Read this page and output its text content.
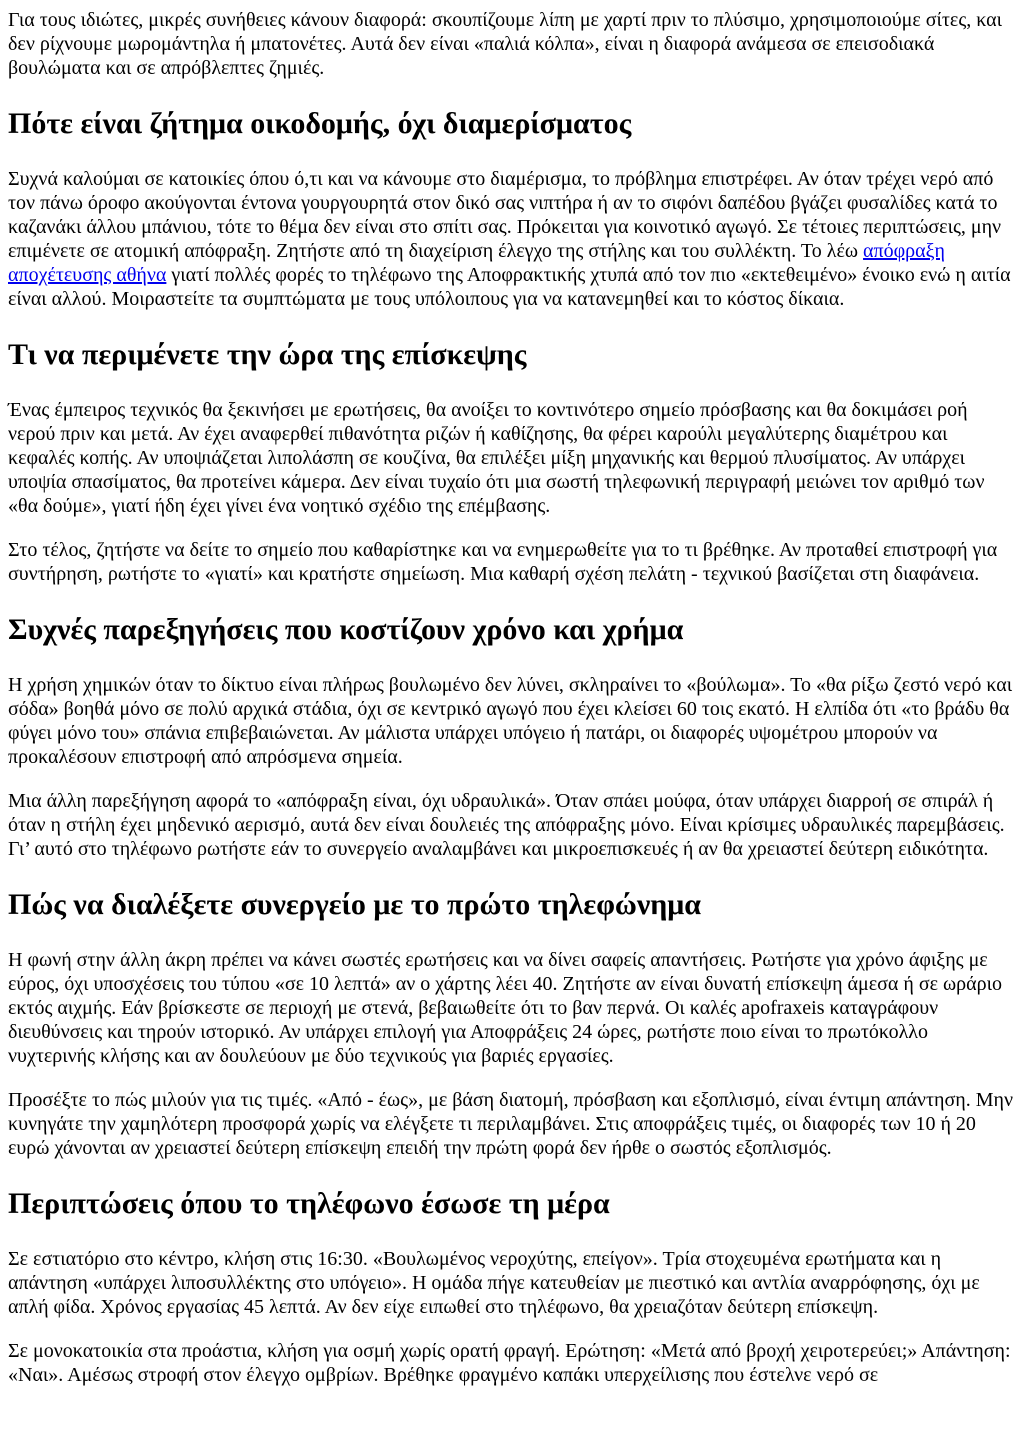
Για τους ιδιώτες, μικρές συνήθειες κάνουν διαφορά: σκουπίζουμε λίπη με χαρτί πριν το πλύσιμο, χρησιμοποιούμε σίτες, και δεν ρίχνουμε μωρομάντηλα ή μπατονέτες. Αυτά δεν είναι «παλιά κόλπα», είναι η διαφορά ανάμεσα σε επεισοδιακά βουλώματα και σε απρόβλεπτες ζημιές.

Πότε είναι ζήτημα οικοδομής, όχι διαμερίσματος

Συχνά καλούμαι σε κατοικίες όπου ό,τι και να κάνουμε στο διαμέρισμα, το πρόβλημα επιστρέφει. Αν όταν τρέχει νερό από τον πάνω όροφο ακούγονται έντονα γουργουρητά στον δικό σας νιπτήρα ή αν το σιφόνι δαπέδου βγάζει φυσαλίδες κατά το καζανάκι άλλου μπάνιου, τότε το θέμα δεν είναι στο σπίτι σας. Πρόκειται για κοινοτικό αγωγό. Σε τέτοιες περιπτώσεις, μην επιμένετε σε ατομική απόφραξη. Ζητήστε από τη διαχείριση έλεγχο της στήλης και του συλλέκτη. Το λέω απόφραξη αποχέτευσης αθήνα γιατί πολλές φορές το τηλέφωνο της Αποφρακτικής χτυπά από τον πιο «εκτεθειμένο» ένοικο ενώ η αιτία είναι αλλού. Μοιραστείτε τα συμπτώματα με τους υπόλοιπους για να κατανεμηθεί και το κόστος δίκαια.

Τι να περιμένετε την ώρα της επίσκεψης

Ένας έμπειρος τεχνικός θα ξεκινήσει με ερωτήσεις, θα ανοίξει το κοντινότερο σημείο πρόσβασης και θα δοκιμάσει ροή νερού πριν και μετά. Αν έχει αναφερθεί πιθανότητα ριζών ή καθίζησης, θα φέρει καρούλι μεγαλύτερης διαμέτρου και κεφαλές κοπής. Αν υποψιάζεται λιπολάσπη σε κουζίνα, θα επιλέξει μίξη μηχανικής και θερμού πλυσίματος. Αν υπάρχει υποψία σπασίματος, θα προτείνει κάμερα. Δεν είναι τυχαίο ότι μια σωστή τηλεφωνική περιγραφή μειώνει τον αριθμό των «θα δούμε», γιατί ήδη έχει γίνει ένα νοητικό σχέδιο της επέμβασης.

Στο τέλος, ζητήστε να δείτε το σημείο που καθαρίστηκε και να ενημερωθείτε για το τι βρέθηκε. Αν προταθεί επιστροφή για συντήρηση, ρωτήστε το «γιατί» και κρατήστε σημείωση. Μια καθαρή σχέση πελάτη - τεχνικού βασίζεται στη διαφάνεια.

Συχνές παρεξηγήσεις που κοστίζουν χρόνο και χρήμα

Η χρήση χημικών όταν το δίκτυο είναι πλήρως βουλωμένο δεν λύνει, σκληραίνει το «βούλωμα». Το «θα ρίξω ζεστό νερό και σόδα» βοηθά μόνο σε πολύ αρχικά στάδια, όχι σε κεντρικό αγωγό που έχει κλείσει 60 τοις εκατό. Η ελπίδα ότι «το βράδυ θα φύγει μόνο του» σπάνια επιβεβαιώνεται. Αν μάλιστα υπάρχει υπόγειο ή πατάρι, οι διαφορές υψομέτρου μπορούν να προκαλέσουν επιστροφή από απρόσμενα σημεία.

Μια άλλη παρεξήγηση αφορά το «απόφραξη είναι, όχι υδραυλικά». Όταν σπάει μούφα, όταν υπάρχει διαρροή σε σπιράλ ή όταν η στήλη έχει μηδενικό αερισμό, αυτά δεν είναι δουλειές της απόφραξης μόνο. Είναι κρίσιμες υδραυλικές παρεμβάσεις. Γι’ αυτό στο τηλέφωνο ρωτήστε εάν το συνεργείο αναλαμβάνει και μικροεπισκευές ή αν θα χρειαστεί δεύτερη ειδικότητα.

Πώς να διαλέξετε συνεργείο με το πρώτο τηλεφώνημα

Η φωνή στην άλλη άκρη πρέπει να κάνει σωστές ερωτήσεις και να δίνει σαφείς απαντήσεις. Ρωτήστε για χρόνο άφιξης με εύρος, όχι υποσχέσεις του τύπου «σε 10 λεπτά» αν ο χάρτης λέει 40. Ζητήστε αν είναι δυνατή επίσκεψη άμεσα ή σε ωράριο εκτός αιχμής. Εάν βρίσκεστε σε περιοχή με στενά, βεβαιωθείτε ότι το βαν περνά. Οι καλές apofraxeis καταγράφουν διευθύνσεις και τηρούν ιστορικό. Αν υπάρχει επιλογή για Αποφράξεις 24 ώρες, ρωτήστε ποιο είναι το πρωτόκολλο νυχτερινής κλήσης και αν δουλεύουν με δύο τεχνικούς για βαριές εργασίες.

Προσέξτε το πώς μιλούν για τις τιμές. «Από - έως», με βάση διατομή, πρόσβαση και εξοπλισμό, είναι έντιμη απάντηση. Μην κυνηγάτε την χαμηλότερη προσφορά χωρίς να ελέγξετε τι περιλαμβάνει. Στις αποφράξεις τιμές, οι διαφορές των 10 ή 20 ευρώ χάνονται αν χρειαστεί δεύτερη επίσκεψη επειδή την πρώτη φορά δεν ήρθε ο σωστός εξοπλισμός.

Περιπτώσεις όπου το τηλέφωνο έσωσε τη μέρα

Σε εστιατόριο στο κέντρο, κλήση στις 16:30. «Βουλωμένος νεροχύτης, επείγον». Τρία στοχευμένα ερωτήματα και η απάντηση «υπάρχει λιποσυλλέκτης στο υπόγειο». Η ομάδα πήγε κατευθείαν με πιεστικό και αντλία αναρρόφησης, όχι με απλή φίδα. Χρόνος εργασίας 45 λεπτά. Αν δεν είχε ειπωθεί στο τηλέφωνο, θα χρειαζόταν δεύτερη επίσκεψη.

Σε μονοκατοικία στα προάστια, κλήση για οσμή χωρίς ορατή φραγή. Ερώτηση: «Μετά από βροχή χειροτερεύει;» Απάντηση: «Ναι». Αμέσως στροφή στον έλεγχο ομβρίων. Βρέθηκε φραγμένο καπάκι υπερχείλισης που έστελνε νερό σε
